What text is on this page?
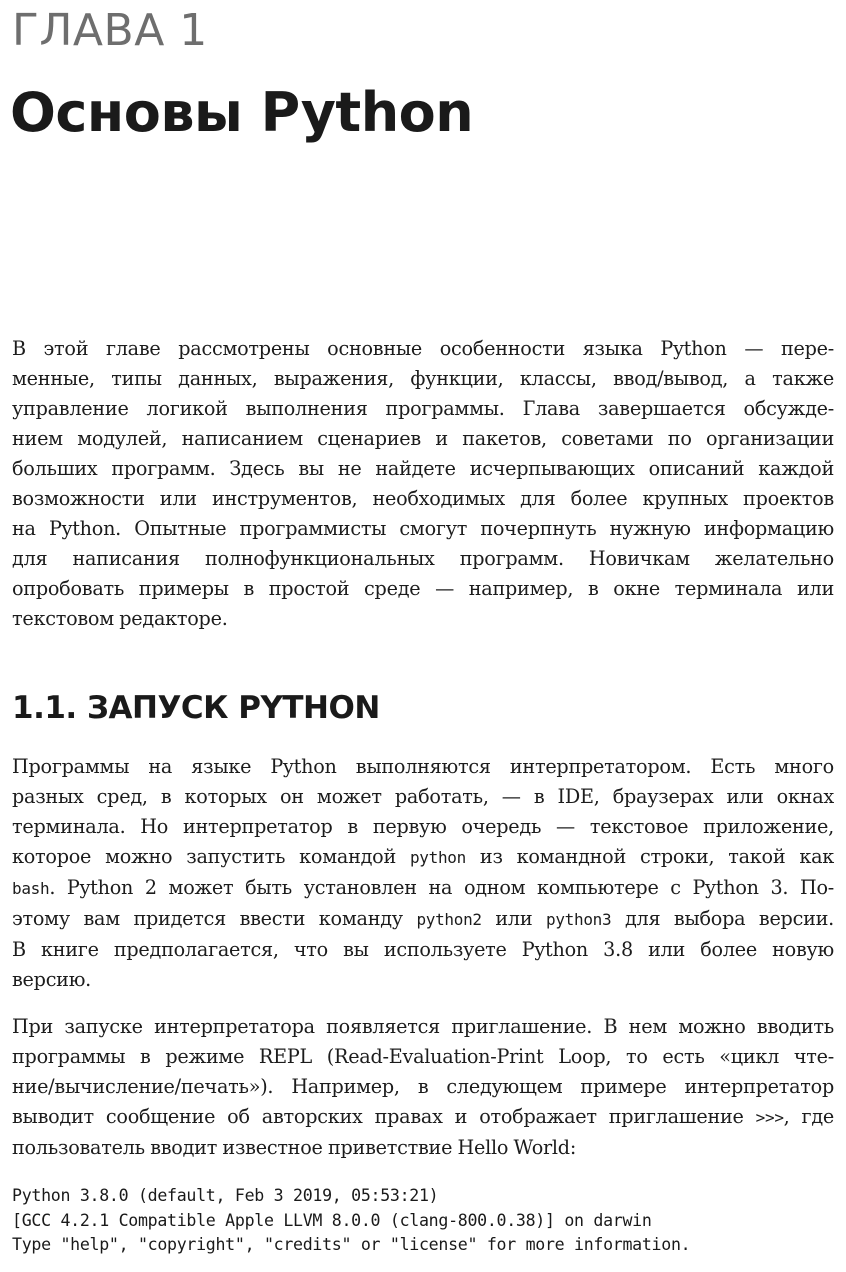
ГЛАВА 1
Основы Python
В этой главе рассмотрены основные особенности языка Python — пере-
менные, типы данных, выражения, функции, классы, ввод/вывод, а также
управление логикой выполнения программы. Глава завершается обсужде-
нием модулей, написанием сценариев и пакетов, советами по организации
больших программ. Здесь вы не найдете исчерпывающих описаний каждой
возможности или инструментов, необходимых для более крупных проектов
на Python. Опытные программисты смогут почерпнуть нужную информацию
для написания полнофункциональных программ. Новичкам желательно
опробовать примеры в простой среде — например, в окне терминала или
текстовом редакторе.
1.1. ЗАПУСК PYTHON
Программы на языке Python выполняются интерпретатором. Есть много
разных сред, в которых он может работать, — в IDE, браузерах или окнах
терминала. Но интерпретатор в первую очередь — текстовое приложение,
которое можно запустить командой python из командной строки, такой как
bash. Python 2 может быть установлен на одном компьютере с Python 3. По-
этому вам придется ввести команду python2 или python3 для выбора версии.
В книге предполагается, что вы используете Python 3.8 или более новую
версию.
При запуске интерпретатора появляется приглашение. В нем можно вводить
программы в режиме REPL (Read-Evaluation-Print Loop, то есть «цикл чте-
ние/вычисление/печать»). Например, в следующем примере интерпретатор
выводит сообщение об авторских правах и отображает приглашение >>>, где
пользователь вводит известное приветствие Hello World:
Python 3.8.0 (default, Feb 3 2019, 05:53:21)
[GCC 4.2.1 Compatible Apple LLVM 8.0.0 (clang-800.0.38)] on darwin
Type "help", "copyright", "credits" or "license" for more information.
